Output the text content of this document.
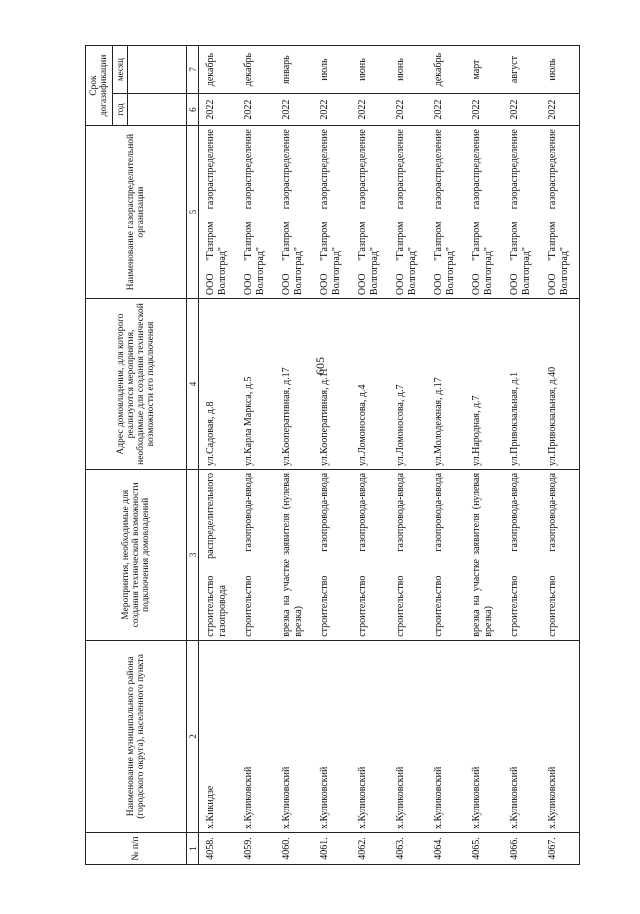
605
№ п/п	Наименование муниципального района (городского округа), населенного пункта	Мероприятия, необходимые для создания технической возможности подключения домовладений	Адрес домовладения, для которого реализуются мероприятия, необходимые для создания технической возможности его подключения	Наименование газораспределительной организации	Срок догазификации	
					год	месяц

1	2	3	4	5	6	7
4058.	х.Кикидзе	строительство распределительного газопровода	ул.Садовая, д.8	ООО "Газпром газораспределение Волгоград"	2022	декабрь
4059.	х.Куликовский	строительство газопровода-ввода	ул.Карла Маркса, д.5	ООО "Газпром газораспределение Волгоград"	2022	декабрь
4060.	х.Куликовский	врезка на участке заявителя (нулевая врезка)	ул.Кооперативная, д.17	ООО "Газпром газораспределение Волгоград"	2022	январь
4061.	х.Куликовский	строительство газопровода-ввода	ул.Кооперативная, д.11	ООО "Газпром газораспределение Волгоград"	2022	июль
4062.	х.Куликовский	строительство газопровода-ввода	ул.Ломоносова, д.4	ООО "Газпром газораспределение Волгоград"	2022	июнь
4063.	х.Куликовский	строительство газопровода-ввода	ул.Ломоносова, д.7	ООО "Газпром газораспределение Волгоград"	2022	июнь
4064.	х.Куликовский	строительство газопровода-ввода	ул.Молодежная, д.17	ООО "Газпром газораспределение Волгоград"	2022	декабрь
4065.	х.Куликовский	врезка на участке заявителя (нулевая врезка)	ул.Народная, д.7	ООО "Газпром газораспределение Волгоград"	2022	март
4066.	х.Куликовский	строительство газопровода-ввода	ул.Привокзальная, д.1	ООО "Газпром газораспределение Волгоград"	2022	август
4067.	х.Куликовский	строительство газопровода-ввода	ул.Привокзальная, д.40	ООО "Газпром газораспределение Волгоград"	2022	июль
